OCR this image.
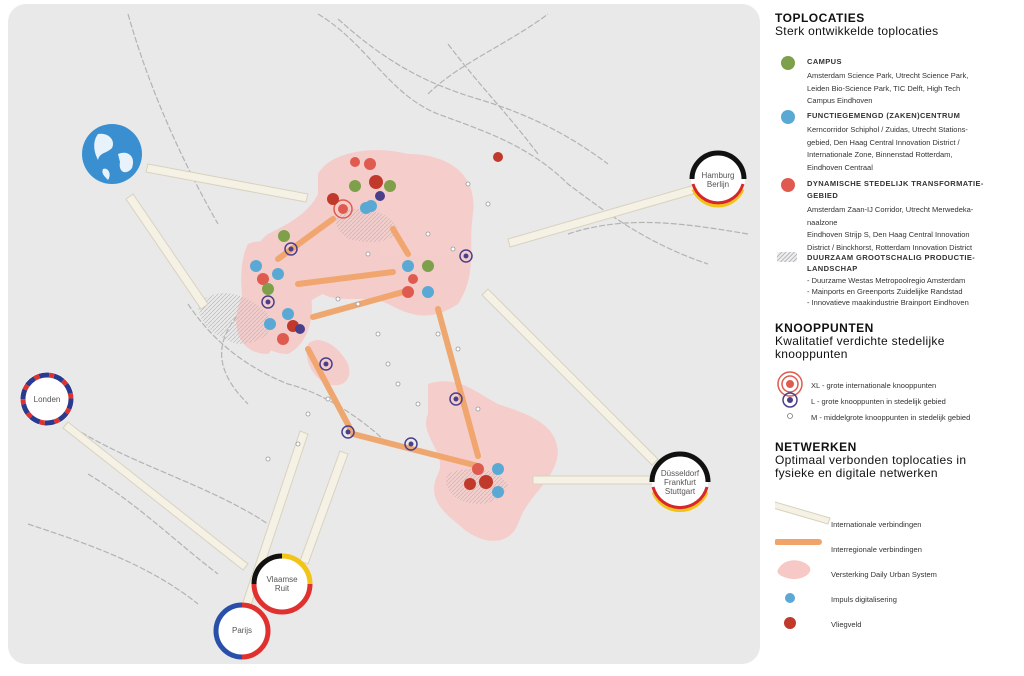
Londen
Hamburg
Berlijn
Düsseldorf
Frankfurt
Stuttgart
Vlaamse
Ruit
Parijs
TOPLOCATIES
Sterk ontwikkelde toplocaties
CAMPUS
Amsterdam Science Park, Utrecht Science Park,
Leiden Bio-Science Park, TIC Delft, High Tech
Campus Eindhoven
FUNCTIEGEMENGD (ZAKEN)CENTRUM
Kerncorridor Schiphol / Zuidas, Utrecht Stations-
gebied, Den Haag Central Innovation District /
Internationale Zone, Binnenstad Rotterdam,
Eindhoven Centraal
DYNAMISCHE STEDELIJK TRANSFORMATIE-
GEBIED
Amsterdam Zaan-IJ Corridor, Utrecht Merwedeka-
naalzone
Eindhoven Strijp S, Den Haag Central Innovation
District / Binckhorst, Rotterdam Innovation District
DUURZAAM GROOTSCHALIG PRODUCTIE-
LANDSCHAP
- Duurzame Westas Metropoolregio Amsterdam
- Mainports en Greenports Zuidelijke Randstad
- Innovatieve maakindustrie Brainport Eindhoven
KNOOPPUNTEN
Kwalitatief verdichte stedelijke
knooppunten
XL - grote internationale knooppunten
L - grote knooppunten in stedelijk gebied
M - middelgrote knooppunten in stedelijk gebied
NETWERKEN
Optimaal verbonden toplocaties in
fysieke en digitale netwerken
Internationale verbindingen
Interregionale verbindingen
Versterking Daily Urban System
Impuls digitalisering
Vliegveld
